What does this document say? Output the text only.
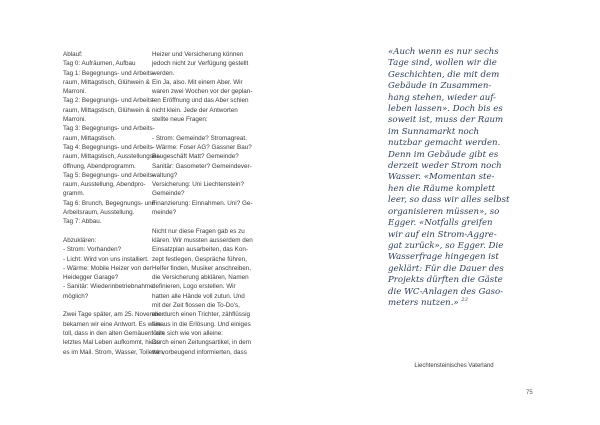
Ablauf:
Tag 0: Aufräumen, Aufbau
Tag 1: Begegnungs- und Arbeits-
raum, Mittagstisch, Glühwein &
Marroni.
Tag 2: Begegnungs- und Arbeits-
raum, Mittagstisch, Glühwein &
Marroni.
Tag 3: Begegnungs- und Arbeits-
raum, Mittagstisch.
Tag 4: Begegnungs- und Arbeits-
raum, Mittagstisch, Ausstellungser-
öffnung, Abendprogramm.
Tag 5: Begegnungs- und Arbeits-
raum, Ausstellung, Abendpro-
gramm.
Tag 6: Brunch, Begegnungs- und
Arbeitsraum, Ausstellung.
Tag 7: Abbau.

Abzuklären:
- Strom: Vorhanden?
- Licht: Wird von uns installiert.
- Wärme: Mobile Heizer von der
Heidegger Garage?
- Sanitär: Wiederinbetriebnahme
möglich?

Zwei Tage später, am 25. November
bekamen wir eine Antwort. Es wäre
toll, dass in den alten Gemäuern ein
letztes Mal Leben aufkommt, hiess
es im Mail. Strom, Wasser, Toiletten,

Heizer und Versicherung können
jedoch nicht zur Verfügung gestellt
werden.
Ein Ja, also. Mit einem Aber. Wir
waren zwei Wochen vor der geplan-
ten Eröffnung und das Aber schien
nicht klein. Jede der Antworten
stellte neue Fragen:

- Strom: Gemeinde? Stromagreat.
- Wärme: Foser AG? Gassner Bau?
Baugeschäft Matt? Gemeinde?
Sanitär: Gasometer? Gemeindever-
waltung?
Versicherung: Uni Liechtenstein?
Gemeinde?
Finanzierung: Einnahmen. Uni? Ge-
meinde?

Nicht nur diese Fragen gab es zu
klären. Wir mussten ausserdem den
Einsatzplan ausarbeiten, das Kon-
zept festlegen, Gespräche führen,
Helfer finden, Musiker anschreiben,
die Versicherung abklären, Namen
definieren, Logo erstellen. Wir
hatten alle Hände voll zutun. Und
mit der Zeit flossen die To-Do's,
wie durch einen Trichter, zähflüssig
hinaus in die Erlösung. Und einiges
löste sich wie von alleine:
Durch einen Zeitungsartikel, in dem
wir vorbeugend informierten, dass

«Auch wenn es nur sechs
Tage sind, wollen wir die
Geschichten, die mit dem
Gebäude in Zusammen-
hang stehen, wieder auf-
leben lassen». Doch bis es
soweit ist, muss der Raum
im Sunnamarkt noch
nutzbar gemacht werden.
Denn im Gebäude gibt es
derzeit weder Strom noch
Wasser. «Momentan ste-
hen die Räume komplett
leer, so dass wir alles selbst
organisieren müssen», so
Egger. «Notfalls greifen
wir auf ein Strom-Aggre-
gat zurück», so Egger. Die
Wasserfrage hingegen ist
geklärt: Für die Dauer des
Projekts dürften die Gäste
die WC-Anlagen des Gaso-
meters nutzen.» $^{23}$
Liechtensteinisches Vaterland
75
